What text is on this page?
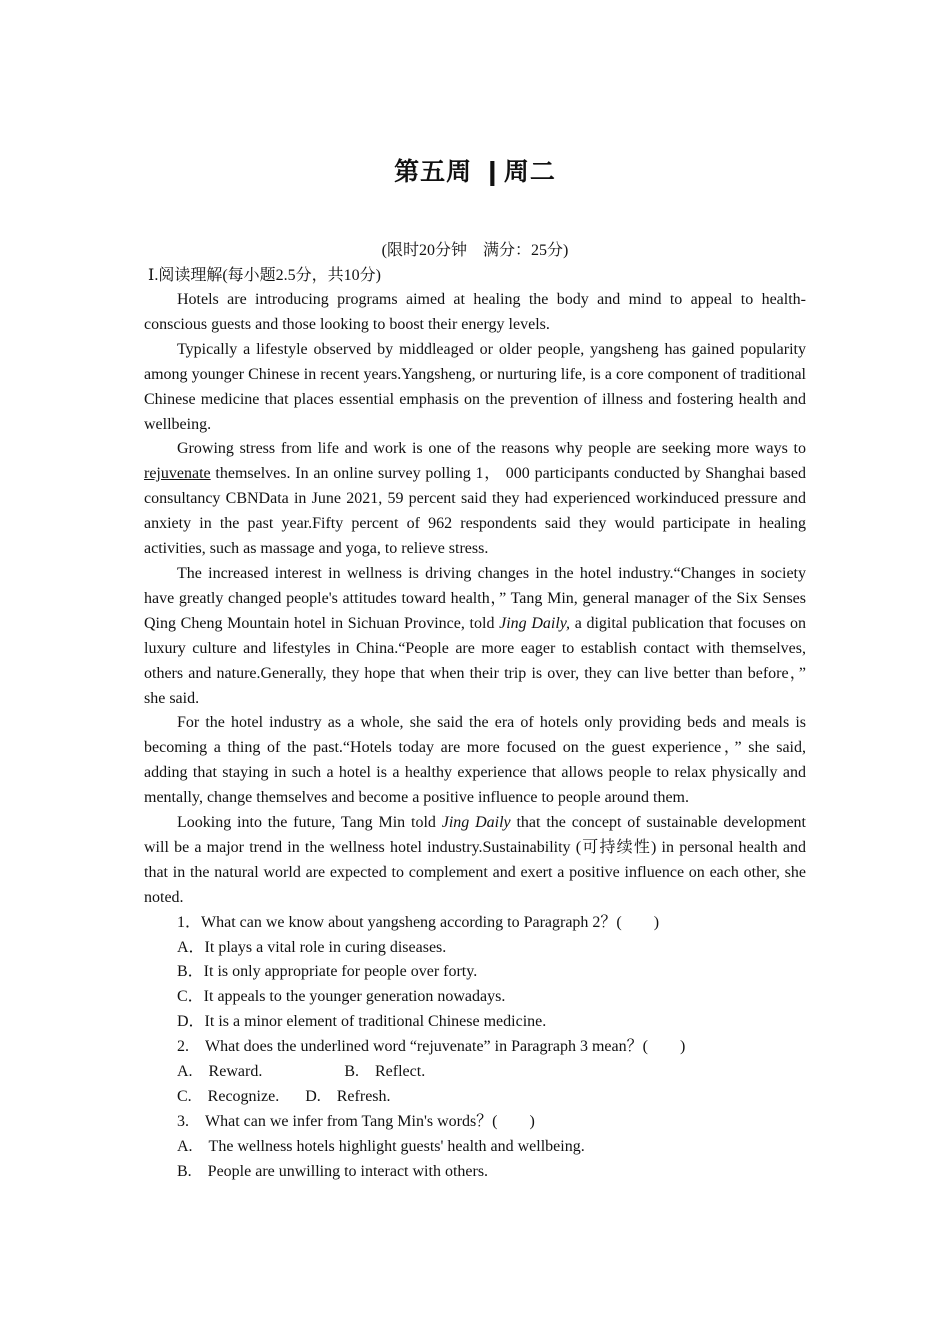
第五周 ❙周二

(限时20分钟　满分：25分)

Ⅰ.阅读理解(每小题2.5分，共10分)

Hotels are introducing programs aimed at healing the body and mind to appeal to health-conscious guests and those looking to boost their energy levels.

Typically a lifestyle observed by middleaged or older people, yangsheng has gained popularity among younger Chinese in recent years.Yangsheng, or nurturing life, is a core component of traditional Chinese medicine that places essential emphasis on the prevention of illness and fostering health and wellbeing.

Growing stress from life and work is one of the reasons why people are seeking more ways to rejuvenate themselves. In an online survey polling 1， 000 participants conducted by Shanghai based consultancy CBNData in June 2021, 59 percent said they had experienced workinduced pressure and anxiety in the past year.Fifty percent of 962 respondents said they would participate in healing activities, such as massage and yoga, to relieve stress.

The increased interest in wellness is driving changes in the hotel industry.“Changes in society have greatly changed people's attitudes toward health，” Tang Min, general manager of the Six Senses Qing Cheng Mountain hotel in Sichuan Province, told Jing Daily, a digital publication that focuses on luxury culture and lifestyles in China.“People are more eager to establish contact with themselves, others and nature.Generally, they hope that when their trip is over, they can live better than before，” she said.

For the hotel industry as a whole, she said the era of hotels only providing beds and meals is becoming a thing of the past.“Hotels today are more focused on the guest experience，” she said, adding that staying in such a hotel is a healthy experience that allows people to relax physically and mentally, change themselves and become a positive influence to people around them.

Looking into the future, Tang Min told Jing Daily that the concept of sustainable development will be a major trend in the wellness hotel industry.Sustainability (可持续性) in personal health and that in the natural world are expected to complement and exert a positive influence on each other, she noted.

1．What can we know about yangsheng according to Paragraph 2？(　　)

A．It plays a vital role in curing diseases.

B．It is only appropriate for people over forty.

C．It appeals to the younger generation nowadays.

D．It is a minor element of traditional Chinese medicine.

2.　What does the underlined word “rejuvenate” in Paragraph 3 mean？(　　)

A.　Reward.	B.　Reflect.

C.　Recognize. D.　Refresh.

3.　What can we infer from Tang Min's words？(　　)

A.　The wellness hotels highlight guests' health and wellbeing.

B.　People are unwilling to interact with others.
